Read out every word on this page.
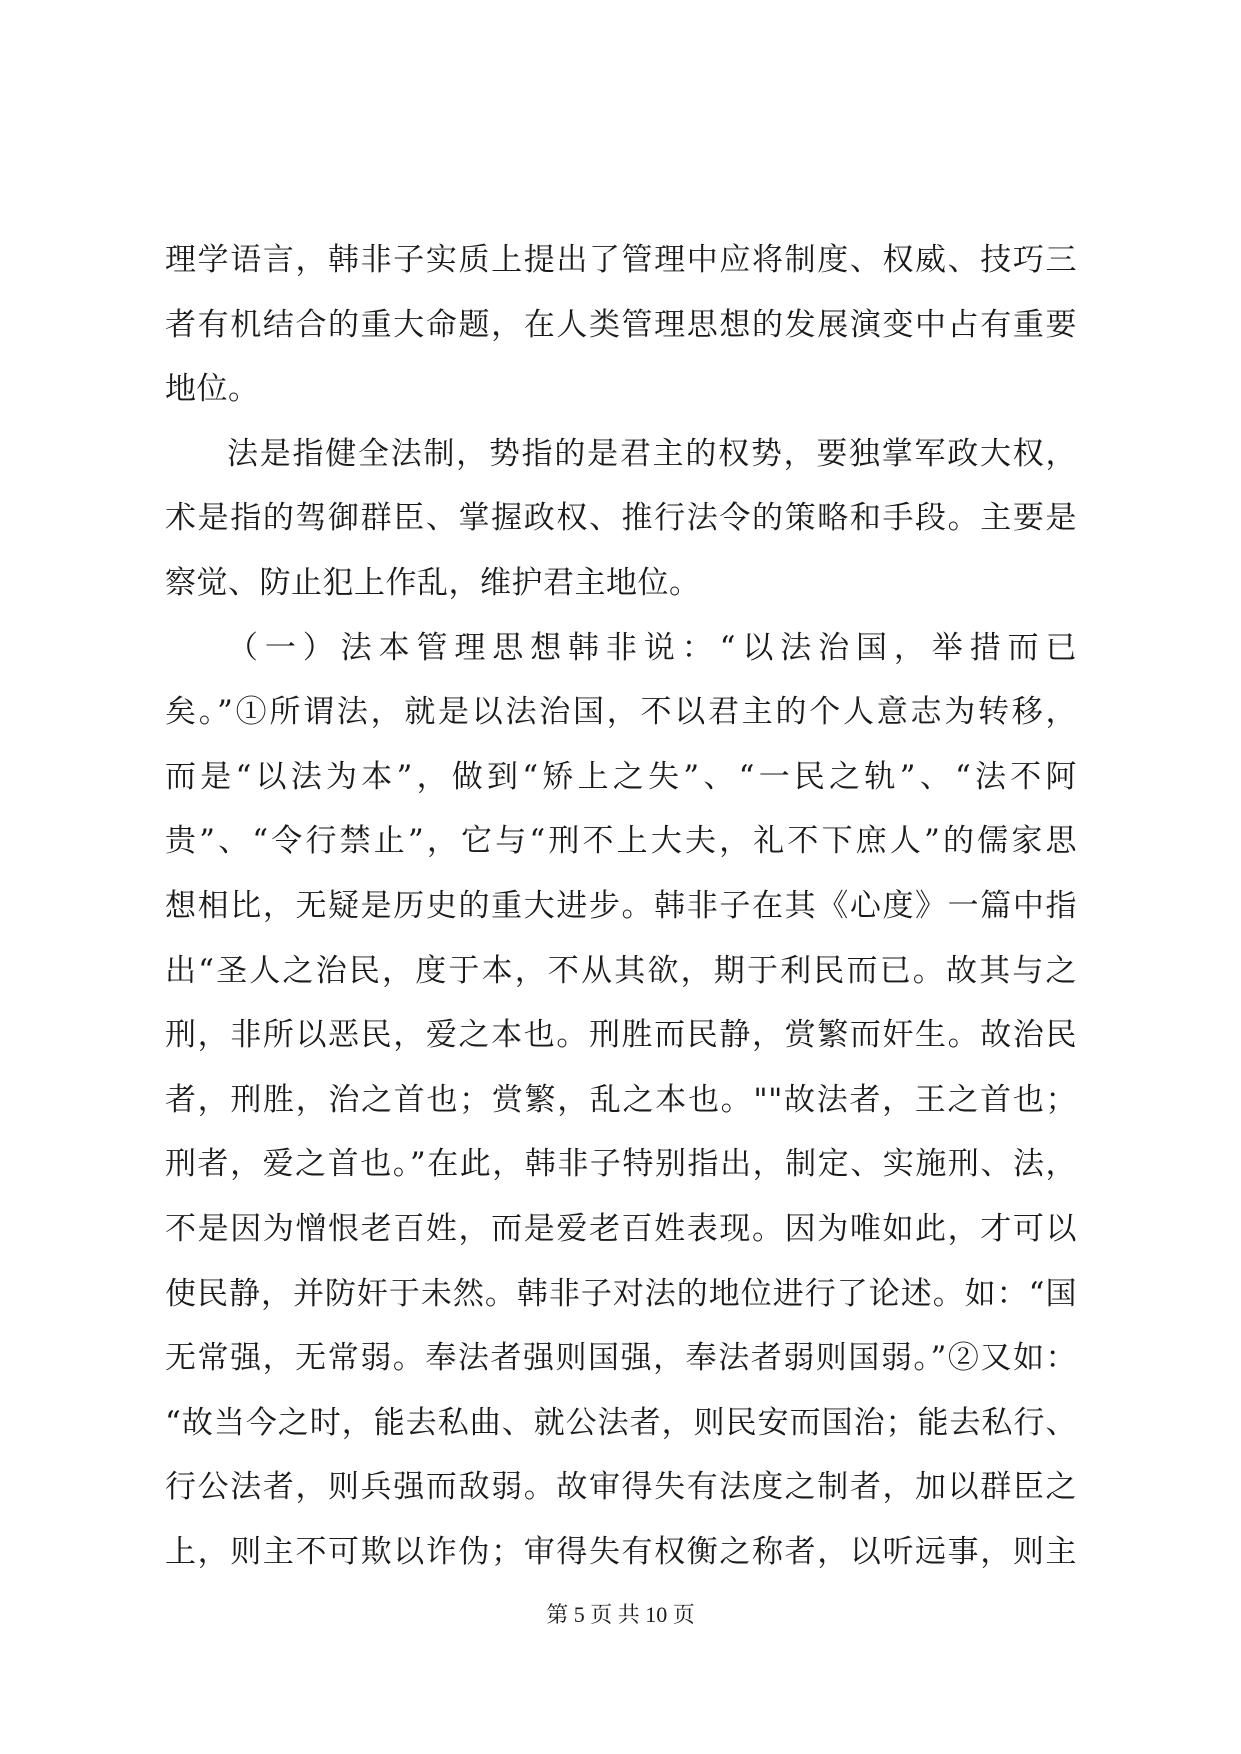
理学语言，韩非子实质上提出了管理中应将制度、权威、技巧三
者有机结合的重大命题，在人类管理思想的发展演变中占有重要
地位。
法是指健全法制，势指的是君主的权势，要独掌军政大权，
术是指的驾御群臣、掌握政权、推行法令的策略和手段。主要是
察觉、防止犯上作乱，维护君主地位。
（一）法本管理思想韩非说：“以法治国，举措而已
矣。”①所谓法，就是以法治国，不以君主的个人意志为转移，
而是“以法为本”，做到“矫上之失”、“一民之轨”、“法不阿
贵”、“令行禁止”，它与“刑不上大夫，礼不下庶人”的儒家思
想相比，无疑是历史的重大进步。韩非子在其《心度》一篇中指
出“圣人之治民，度于本，不从其欲，期于利民而已。故其与之
刑，非所以恶民，爱之本也。刑胜而民静，赏繁而奸生。故治民
者，刑胜，治之首也；赏繁，乱之本也。""故法者，王之首也；
刑者，爱之首也。”在此，韩非子特别指出，制定、实施刑、法，
不是因为憎恨老百姓，而是爱老百姓表现。因为唯如此，才可以
使民静，并防奸于未然。韩非子对法的地位进行了论述。如：“国
无常强，无常弱。奉法者强则国强，奉法者弱则国弱。”②又如：
“故当今之时，能去私曲、就公法者，则民安而国治；能去私行、
行公法者，则兵强而敌弱。故审得失有法度之制者，加以群臣之
上，则主不可欺以诈伪；审得失有权衡之称者，以听远事，则主
第 5 页 共 10 页
